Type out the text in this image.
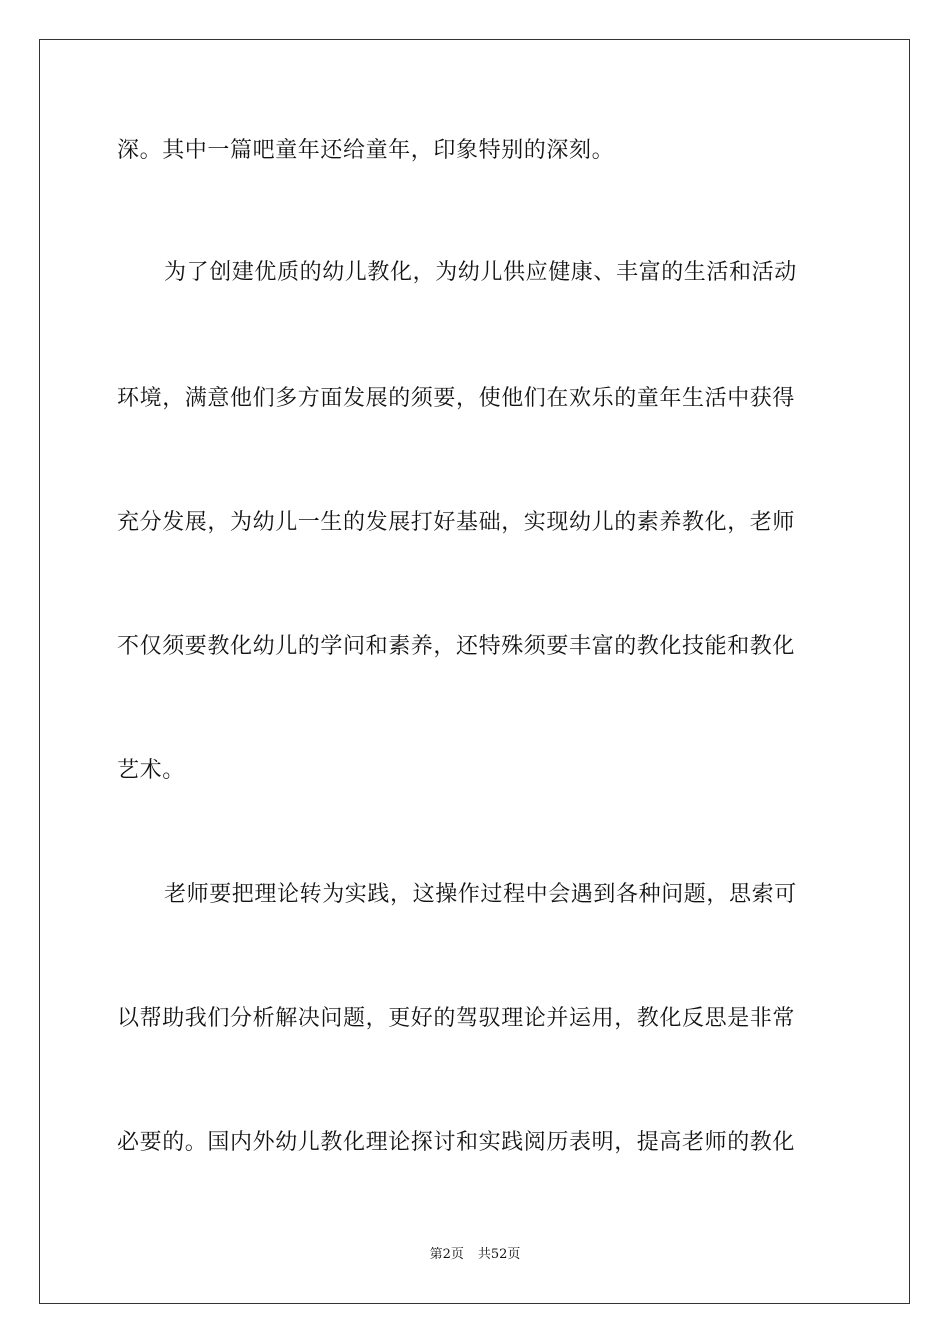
深。其中一篇吧童年还给童年，印象特别的深刻。
为了创建优质的幼儿教化，为幼儿供应健康、丰富的生活和活动
环境，满意他们多方面发展的须要，使他们在欢乐的童年生活中获得
充分发展，为幼儿一生的发展打好基础，实现幼儿的素养教化，老师
不仅须要教化幼儿的学问和素养，还特殊须要丰富的教化技能和教化
艺术。
老师要把理论转为实践，这操作过程中会遇到各种问题，思索可
以帮助我们分析解决问题，更好的驾驭理论并运用，教化反思是非常
必要的。国内外幼儿教化理论探讨和实践阅历表明，提高老师的教化
第2页 共52页
